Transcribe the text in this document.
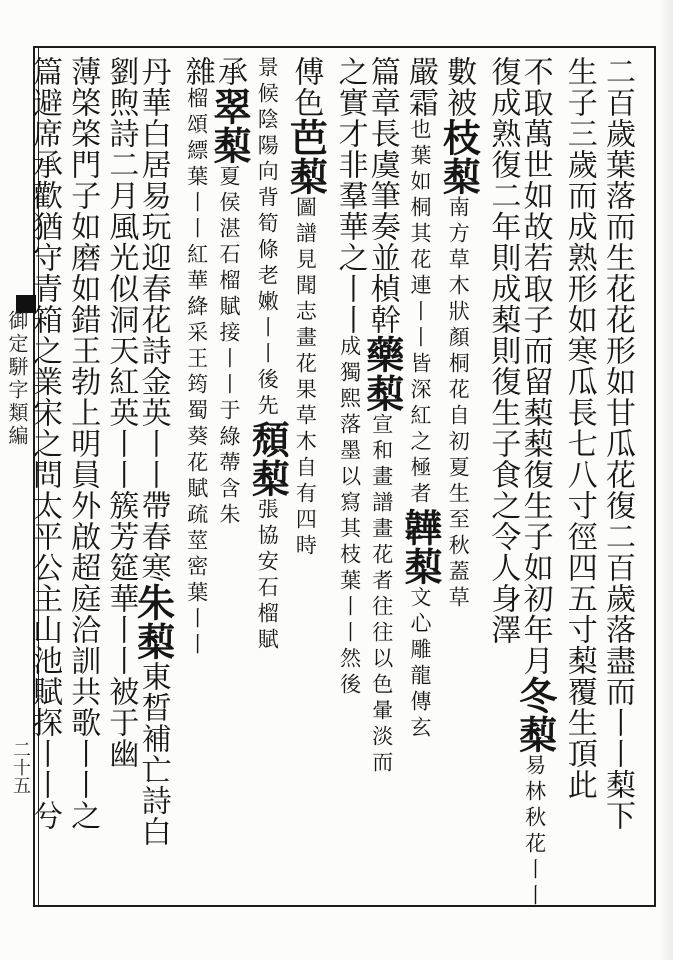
御定駢字類編
二十五	二百歲葉落而生花花形如甘瓜花復二百歲落盡而丨丨䔧下
生子三歲而成熟形如寒瓜長七八寸徑四五寸䔧覆生頂此
不取萬世如故若取子而留䔧䔧復生子如初年月冬䔧易林秋花丨丨
復成熟復二年則成䔧則復生子食之令人身澤
數被枝䔧南方草木狀顏桐花自初夏生至秋蓋草
嚴霜也葉如桐其花連丨丨皆深紅之極者韡䔧文心雕龍傳玄
篇章長虞筆奏並楨幹藥䔧宣和畫譜畫花者往往以色暈淡而
之實才非羣華之丨丨成獨熙落墨以寫其枝葉丨丨然後
傅色芭䔧圖譜見聞志畫花果草木自有四時
景候陰陽向背筍條老嫩丨丨後先頹䔧張協安石榴賦
承翠䔧夏侯湛石榴賦接丨丨于綠蔕含朱
雜榴頌縹葉丨丨紅華絳采王筠蜀葵花賦疏莖密葉丨丨
丹華白居易玩迎春花詩金英丨丨帶春寒朱䔧東晳補亡詩白
劉煦詩二月風光似洞天紅英丨丨簇芳筵華丨丨被于幽
薄棨棨門子如磨如錯王勃上明員外啟超庭洽訓共歌丨丨之
篇避席承歡猶守青箱之業宋之問太平公主山池賦探丨丨兮
